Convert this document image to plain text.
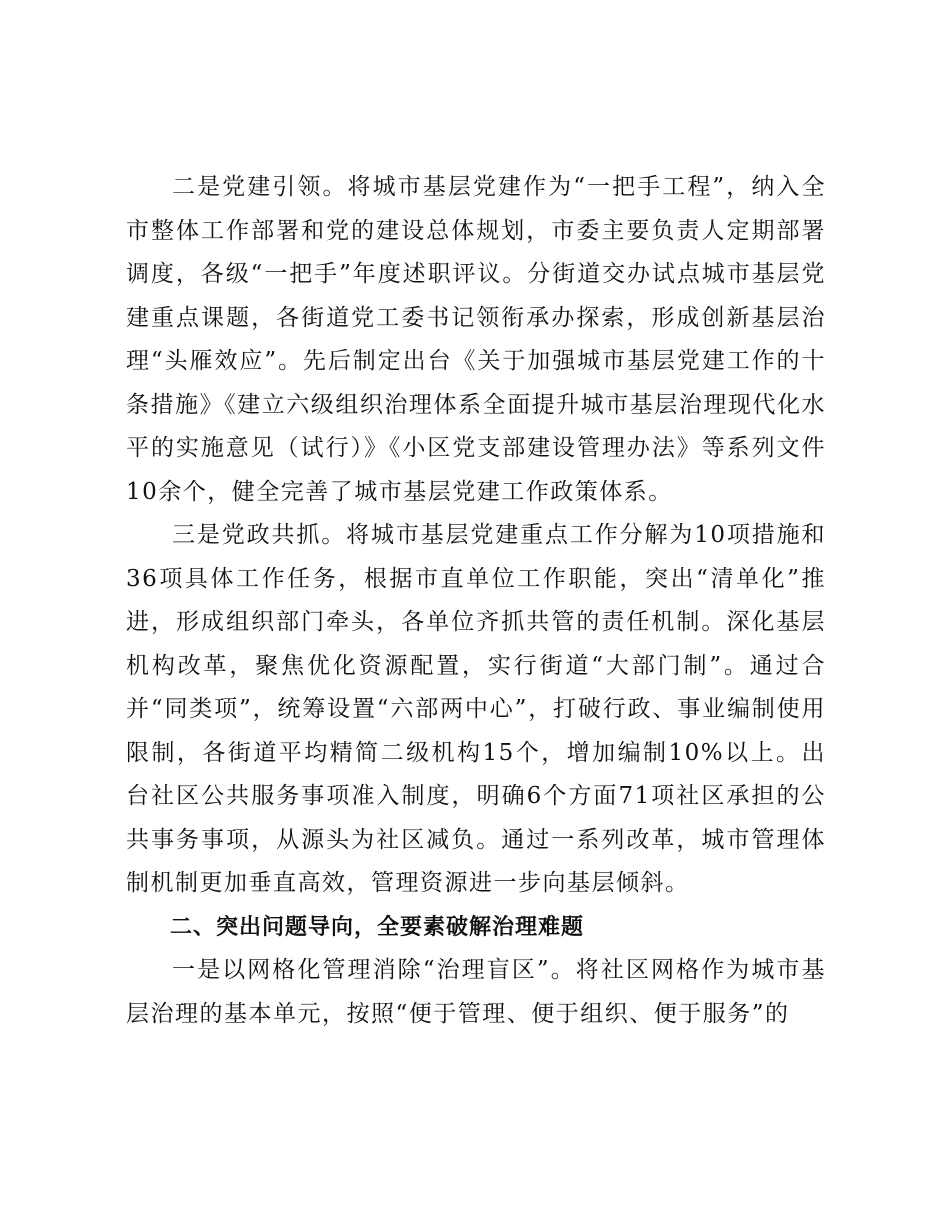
二是党建引领。将城市基层党建作为“一把手工程”，纳入全市整体工作部署和党的建设总体规划，市委主要负责人定期部署调度，各级“一把手”年度述职评议。分街道交办试点城市基层党建重点课题，各街道党工委书记领衔承办探索，形成创新基层治理“头雁效应”。先后制定出台《关于加强城市基层党建工作的十条措施》《建立六级组织治理体系全面提升城市基层治理现代化水平的实施意见（试行）》《小区党支部建设管理办法》等系列文件10余个，健全完善了城市基层党建工作政策体系。

三是党政共抓。将城市基层党建重点工作分解为10项措施和36项具体工作任务，根据市直单位工作职能，突出“清单化”推进，形成组织部门牵头，各单位齐抓共管的责任机制。深化基层机构改革，聚焦优化资源配置，实行街道“大部门制”。通过合并“同类项”，统筹设置“六部两中心”，打破行政、事业编制使用限制，各街道平均精简二级机构15个，增加编制10%以上。出台社区公共服务事项准入制度，明确6个方面71项社区承担的公共事务事项，从源头为社区减负。通过一系列改革，城市管理体制机制更加垂直高效，管理资源进一步向基层倾斜。

二、突出问题导向，全要素破解治理难题

一是以网格化管理消除“治理盲区”。将社区网格作为城市基层治理的基本单元，按照“便于管理、便于组织、便于服务”的
